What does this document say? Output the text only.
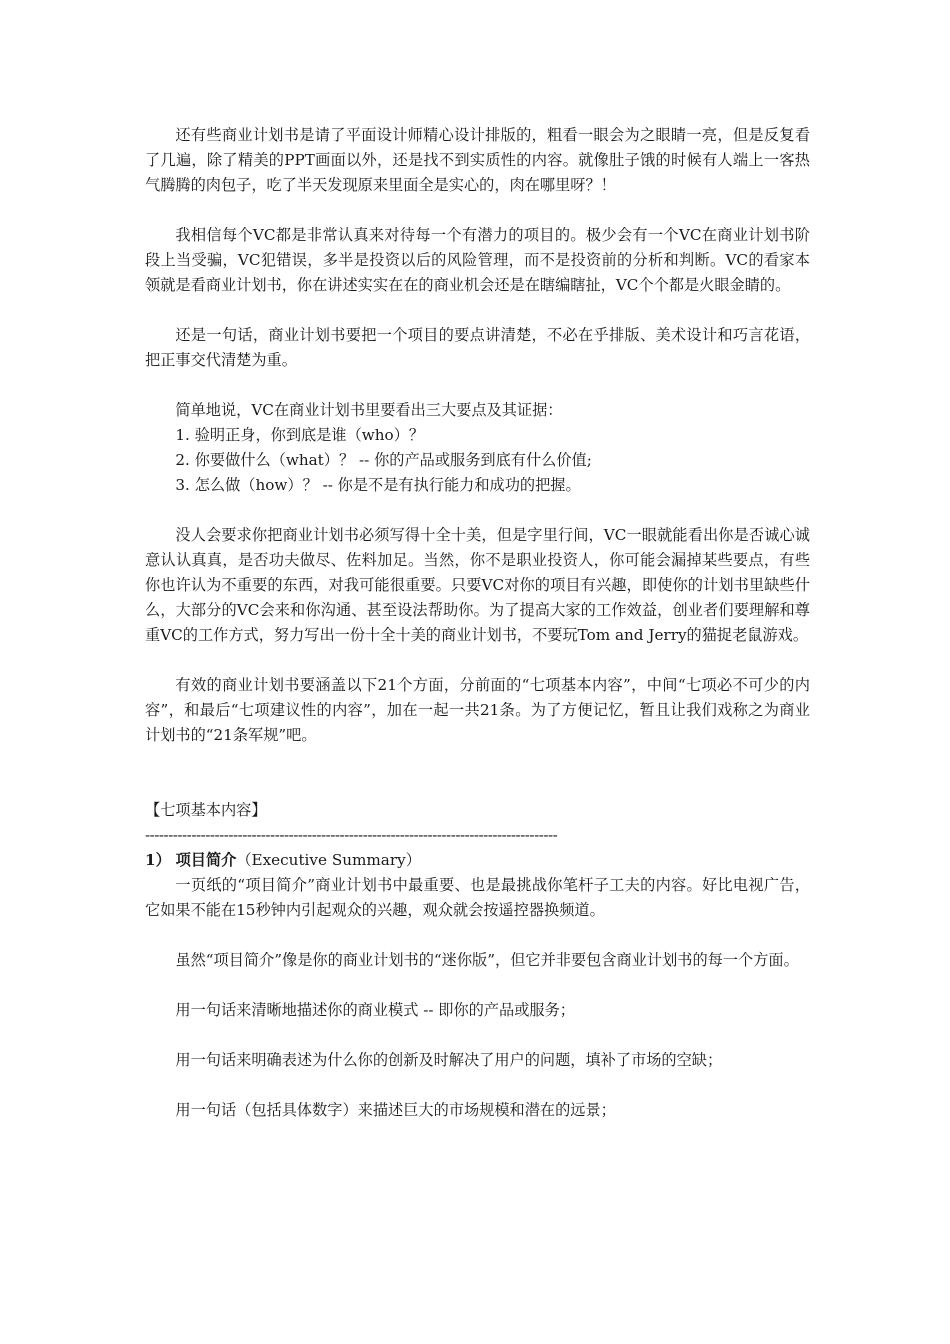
还有些商业计划书是请了平面设计师精心设计排版的，粗看一眼会为之眼睛一亮，但是反复看了几遍，除了精美的PPT画面以外，还是找不到实质性的内容。就像肚子饿的时候有人端上一客热气腾腾的肉包子，吃了半天发现原来里面全是实心的，肉在哪里呀？！

我相信每个VC都是非常认真来对待每一个有潜力的项目的。极少会有一个VC在商业计划书阶段上当受骗，VC犯错误，多半是投资以后的风险管理，而不是投资前的分析和判断。VC的看家本领就是看商业计划书，你在讲述实实在在的商业机会还是在瞎编瞎扯，VC个个都是火眼金睛的。

还是一句话，商业计划书要把一个项目的要点讲清楚，不必在乎排版、美术设计和巧言花语，把正事交代清楚为重。

简单地说，VC在商业计划书里要看出三大要点及其证据：

1. 验明正身，你到底是谁（who）？
2. 你要做什么（what）？ -- 你的产品或服务到底有什么价值;
3. 怎么做（how）？ -- 你是不是有执行能力和成功的把握。

没人会要求你把商业计划书必须写得十全十美，但是字里行间，VC一眼就能看出你是否诚心诚意认认真真，是否功夫做尽、佐料加足。当然，你不是职业投资人，你可能会漏掉某些要点，有些你也许认为不重要的东西，对我可能很重要。只要VC对你的项目有兴趣，即使你的计划书里缺些什么，大部分的VC会来和你沟通、甚至设法帮助你。为了提高大家的工作效益，创业者们要理解和尊重VC的工作方式，努力写出一份十全十美的商业计划书，不要玩Tom and Jerry的猫捉老鼠游戏。

有效的商业计划书要涵盖以下21个方面，分前面的“七项基本内容”，中间“七项必不可少的内容”，和最后“七项建议性的内容”，加在一起一共21条。为了方便记忆，暂且让我们戏称之为商业计划书的“21条军规”吧。

【七项基本内容】

-----------------------------------------------------------------------------------------

1） 项目简介（Executive Summary）

一页纸的“项目简介”商业计划书中最重要、也是最挑战你笔杆子工夫的内容。好比电视广告，它如果不能在15秒钟内引起观众的兴趣，观众就会按遥控器换频道。

虽然“项目简介”像是你的商业计划书的“迷你版”，但它并非要包含商业计划书的每一个方面。

用一句话来清晰地描述你的商业模式 -- 即你的产品或服务；

用一句话来明确表述为什么你的创新及时解决了用户的问题，填补了市场的空缺；

用一句话（包括具体数字）来描述巨大的市场规模和潜在的远景；
